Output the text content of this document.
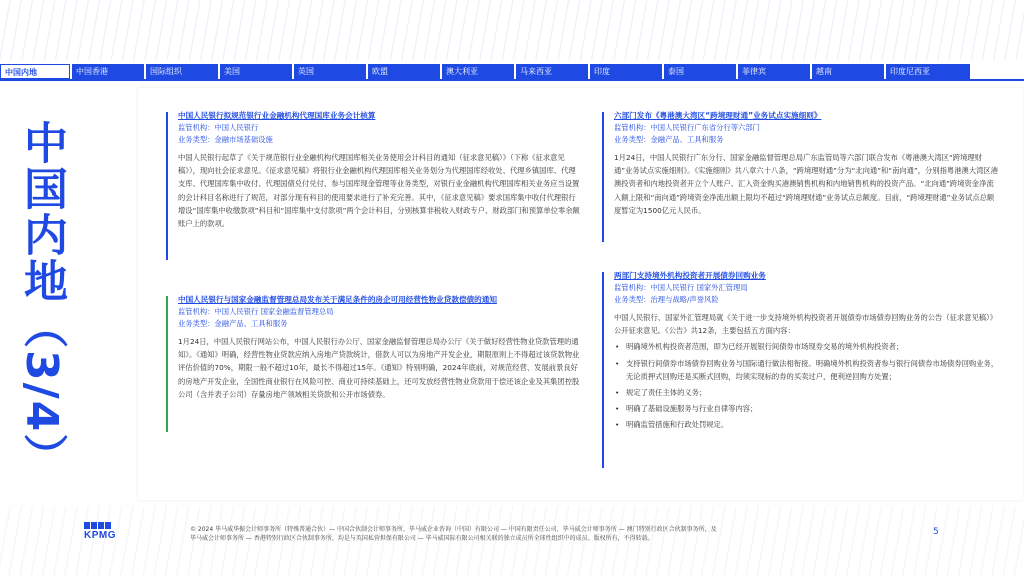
中国内地	中国香港	国际组织	美国	英国	欧盟	澳大利亚	马来西亚	印度	泰国	菲律宾	越南	印度尼西亚
中国内地（3/4）
中国人民银行拟规范银行业金融机构代理国库业务会计核算
监管机构：中国人民银行
业务类型：金融市场基础设施

中国人民银行起草了《关于规范银行业金融机构代理国库相关业务使用会计科目的通知（征求意见稿）》（下称《征求意见稿》），现向社会征求意见。《征求意见稿》将银行业金融机构代理国库相关业务划分为代理国库经收处、代理乡镇国库、代理支库、代理国库集中收付、代理国债兑付兑付、参与国库现金管理等业务类型，对银行业金融机构代理国库相关业务应当设置的会计科目名称进行了规范，对部分现有科目的使用要求进行了补充完善。其中，《征求意见稿》要求国库集中收付代理银行增设“国库集中收缴款项”科目和“国库集中支付款项”两个会计科目，分别核算非税收入财政专户、财政部门和预算单位零余额账户上的款项。

中国人民银行与国家金融监督管理总局发布关于满足条件的房企可用经营性物业贷款偿债的通知
监管机构：中国人民银行 国家金融监督管理总局
业务类型：金融产品、工具和服务

1月24日，中国人民银行网站公布，中国人民银行办公厅、国家金融监督管理总局办公厅《关于做好经营性物业贷款管理的通知》。《通知》明确，经营性物业贷款应纳入房地产贷款统计，借款人可以为房地产开发企业，期限原则上不得超过该贷款物业评估价值的70%，期限一般不超过10年，最长不得超过15年。《通知》特别明确，2024年底前，对规范经营、发展前景良好的房地产开发企业，全国性商业银行在风险可控、商业可持续基础上，还可发放经营性物业贷款用于偿还该企业及其集团控股公司（含并表子公司）存量房地产领域相关贷款和公开市场债券。

六部门发布《粤港澳大湾区“跨境理财通”业务试点实施细则》
监管机构：中国人民银行广东省分行等六部门
业务类型：金融产品、工具和服务

1月24日，中国人民银行广东分行、国家金融监督管理总局广东监管局等六部门联合发布《粤港澳大湾区“跨境理财通”业务试点实施细则》。《实施细则》共八章六十八条，“跨境理财通”分为“北向通”和“南向通”，分别指粤港澳大湾区港澳投资者和内地投资者开立个人账户、汇入资金购买港澳销售机构和内地销售机构的投资产品。“北向通”跨境资金净流入额上限和“南向通”跨境资金净流出额上限均不超过“跨境理财通”业务试点总额度。目前，“跨境理财通”业务试点总额度暂定为1500亿元人民币。

两部门支持境外机构投资者开展债券回购业务
监管机构：中国人民银行 国家外汇管理局
业务类型：治理与战略/声誉风险

中国人民银行、国家外汇管理局就《关于进一步支持境外机构投资者开展债券市场债券回购业务的公告（征求意见稿）》公开征求意见。《公告》共12条，主要包括五方面内容：

• 明确境外机构投资者范围，即为已经开展银行间债券市场现券交易的境外机构投资者；
• 支持银行间债券市场债券回购业务与国际通行做法相衔接。明确境外机构投资者参与银行间债券市场债券回购业务，无论质押式回购还是买断式回购，均须实现标的券的买卖过户，便利逆回购方处置；
• 规定了责任主体的义务；
• 明确了基础设施服务与行业自律等内容；
• 明确监管措施和行政处罚规定。
KPMG
© 2024 毕马威华振会计师事务所（特殊普通合伙）— 中国合伙制会计师事务所，毕马威企业咨询（中国）有限公司 — 中国有限责任公司，毕马威会计师事务所 — 澳门特别行政区合伙制事务所，及
毕马威会计师事务所 — 香港特别行政区合伙制事务所，均是与英国私营担保有限公司 — 毕马威国际有限公司相关联的独立成员所全球性组织中的成员。版权所有，不得转载。
5
